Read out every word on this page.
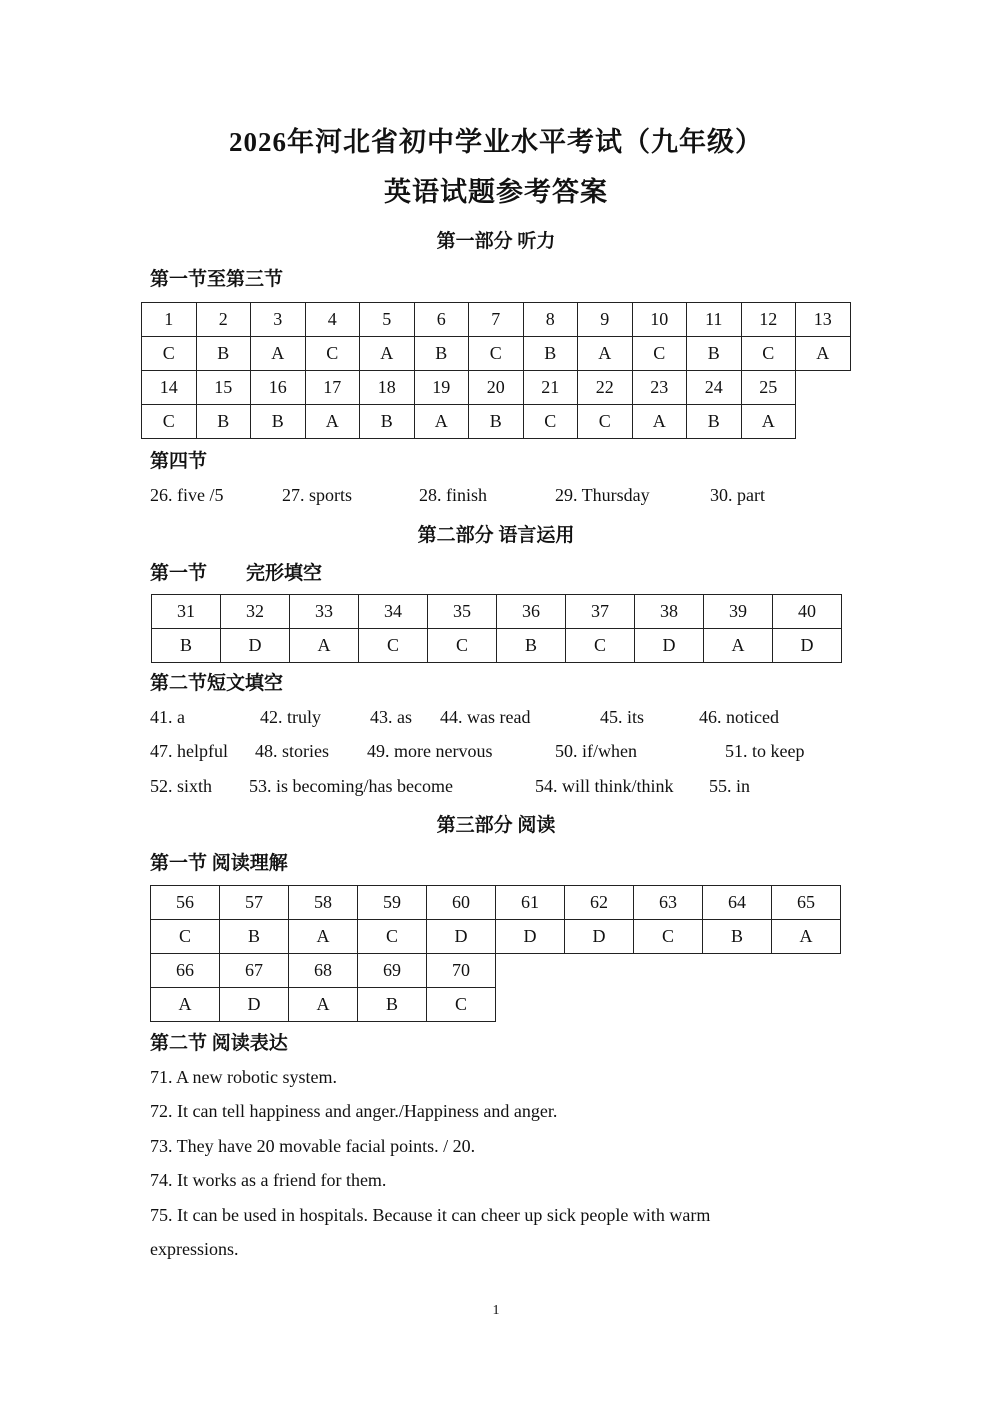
2026年河北省初中学业水平考试（九年级）
英语试题参考答案
第一部分 听力
第一节至第三节
1	2	3	4	5	6	7	8	9	10	11	12	13
C	B	A	C	A	B	C	B	A	C	B	C	A
14	15	16	17	18	19	20	21	22	23	24	25	
C	B	B	A	B	A	B	C	C	A	B	A	
第四节
26. five /5	27. sports	28. finish	29. Thursday	30. part
第二部分 语言运用
第一节 完形填空
31	32	33	34	35	36	37	38	39	40
B	D	A	C	C	B	C	D	A	D
第二节短文填空
41. a	42. truly	43. as 44. was read	45. its	46. noticed
47. helpful 48. stories 49. more nervous	50. if/when	51. to keep
52. sixth 53. is becoming/has become	54. will think/think 55. in
第三部分 阅读
第一节 阅读理解
56	57	58	59	60	61	62	63	64	65
C	B	A	C	D	D	D	C	B	A
66	67	68	69	70					
A	D	A	B	C					
第二节 阅读表达
71. A new robotic system.
72. It can tell happiness and anger./Happiness and anger.
73. They have 20 movable facial points. / 20.
74. It works as a friend for them.
75. It can be used in hospitals. Because it can cheer up sick people with warm
expressions.
1
